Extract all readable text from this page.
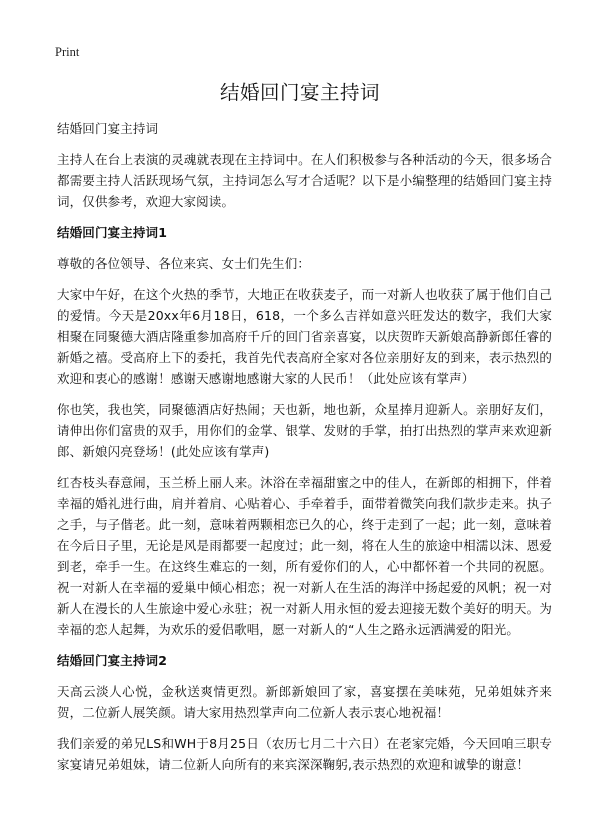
Print
结婚回门宴主持词

结婚回门宴主持词

主持人在台上表演的灵魂就表现在主持词中。在人们积极参与各种活动的今天，很多场合都需要主持人活跃现场气氛，主持词怎么写才合适呢？以下是小编整理的结婚回门宴主持词，仅供参考，欢迎大家阅读。

结婚回门宴主持词1

尊敬的各位领导、各位来宾、女士们先生们：

大家中午好，在这个火热的季节，大地正在收获麦子，而一对新人也收获了属于他们自己的爱情。今天是20xx年6月18日，618，一个多么吉祥如意兴旺发达的数字，我们大家相聚在同聚德大酒店隆重参加高府千斤的回门省亲喜宴，以庆贺昨天新娘高静新郎任睿的新婚之禧。受高府上下的委托，我首先代表高府全家对各位亲朋好友的到来，表示热烈的欢迎和衷心的感谢！感谢天感谢地感谢大家的人民币！（此处应该有掌声）

你也笑，我也笑，同聚德酒店好热闹；天也新，地也新，众星捧月迎新人。亲朋好友们，请伸出你们富贵的双手，用你们的金掌、银掌、发财的手掌，拍打出热烈的掌声来欢迎新郎、新娘闪亮登场！(此处应该有掌声)

红杏枝头春意闹，玉兰桥上丽人来。沐浴在幸福甜蜜之中的佳人，在新郎的相拥下，伴着幸福的婚礼进行曲，肩并着肩、心贴着心、手牵着手，面带着微笑向我们款步走来。执子之手，与子偕老。此一刻，意味着两颗相恋已久的心，终于走到了一起；此一刻，意味着在今后日子里，无论是风是雨都要一起度过；此一刻，将在人生的旅途中相濡以沫、恩爱到老，牵手一生。在这终生难忘的一刻，所有爱你们的人，心中都怀着一个共同的祝愿。祝一对新人在幸福的爱巢中倾心相恋；祝一对新人在生活的海洋中扬起爱的风帆；祝一对新人在漫长的人生旅途中爱心永驻；祝一对新人用永恒的爱去迎接无数个美好的明天。为幸福的恋人起舞，为欢乐的爱侣歌唱，愿一对新人的“人生之路永远洒满爱的阳光。

结婚回门宴主持词2

天高云淡人心悦，金秋送爽情更烈。新郎新娘回了家，喜宴摆在美味苑，兄弟姐妹齐来贺，二位新人展笑颜。请大家用热烈掌声向二位新人表示衷心地祝福！

我们亲爱的弟兄LS和WH于8月25日（农历七月二十六日）在老家完婚，今天回咱三职专家宴请兄弟姐妹，请二位新人向所有的来宾深深鞠躬,表示热烈的欢迎和诚挚的谢意！
